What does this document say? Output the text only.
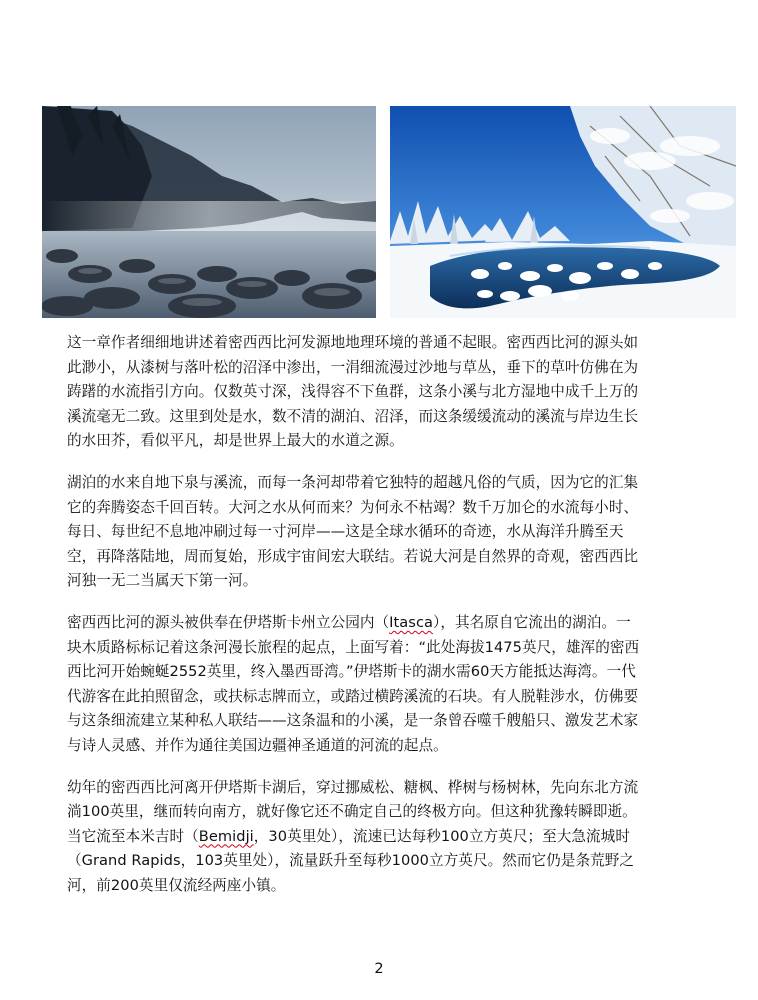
这一章作者细细地讲述着密西西比河发源地地理环境的普通不起眼。密西西比河的源头如
此渺小，从漆树与落叶松的沼泽中渗出，一涓细流漫过沙地与草丛，垂下的草叶仿佛在为
踌躇的水流指引方向。仅数英寸深，浅得容不下鱼群，这条小溪与北方湿地中成千上万的
溪流毫无二致。这里到处是水，数不清的湖泊、沼泽，而这条缓缓流动的溪流与岸边生长
的水田芥，看似平凡，却是世界上最大的水道之源。

湖泊的水来自地下泉与溪流，而每一条河却带着它独特的超越凡俗的气质，因为它的汇集
它的奔腾姿态千回百转。大河之水从何而来？为何永不枯竭？数千万加仑的水流每小时、
每日、每世纪不息地冲刷过每一寸河岸——这是全球水循环的奇迹，水从海洋升腾至天
空，再降落陆地，周而复始，形成宇宙间宏大联结。若说大河是自然界的奇观，密西西比
河独一无二当属天下第一河。

密西西比河的源头被供奉在伊塔斯卡州立公园内（Itasca），其名原自它流出的湖泊。一
块木质路标标记着这条河漫长旅程的起点，上面写着：“此处海拔1475英尺，雄浑的密西
西比河开始蜿蜒2552英里，终入墨西哥湾。”伊塔斯卡的湖水需60天方能抵达海湾。一代
代游客在此拍照留念，或扶标志牌而立，或踏过横跨溪流的石块。有人脱鞋涉水，仿佛要
与这条细流建立某种私人联结——这条温和的小溪，是一条曾吞噬千艘船只、激发艺术家
与诗人灵感、并作为通往美国边疆神圣通道的河流的起点。

幼年的密西西比河离开伊塔斯卡湖后，穿过挪威松、糖枫、桦树与杨树林，先向东北方流
淌100英里，继而转向南方，就好像它还不确定自己的终极方向。但这种犹豫转瞬即逝。
当它流至本米吉时（Bemidji，30英里处），流速已达每秒100立方英尺；至大急流城时
（Grand Rapids，103英里处），流量跃升至每秒1000立方英尺。然而它仍是条荒野之
河，前200英里仅流经两座小镇。

2
